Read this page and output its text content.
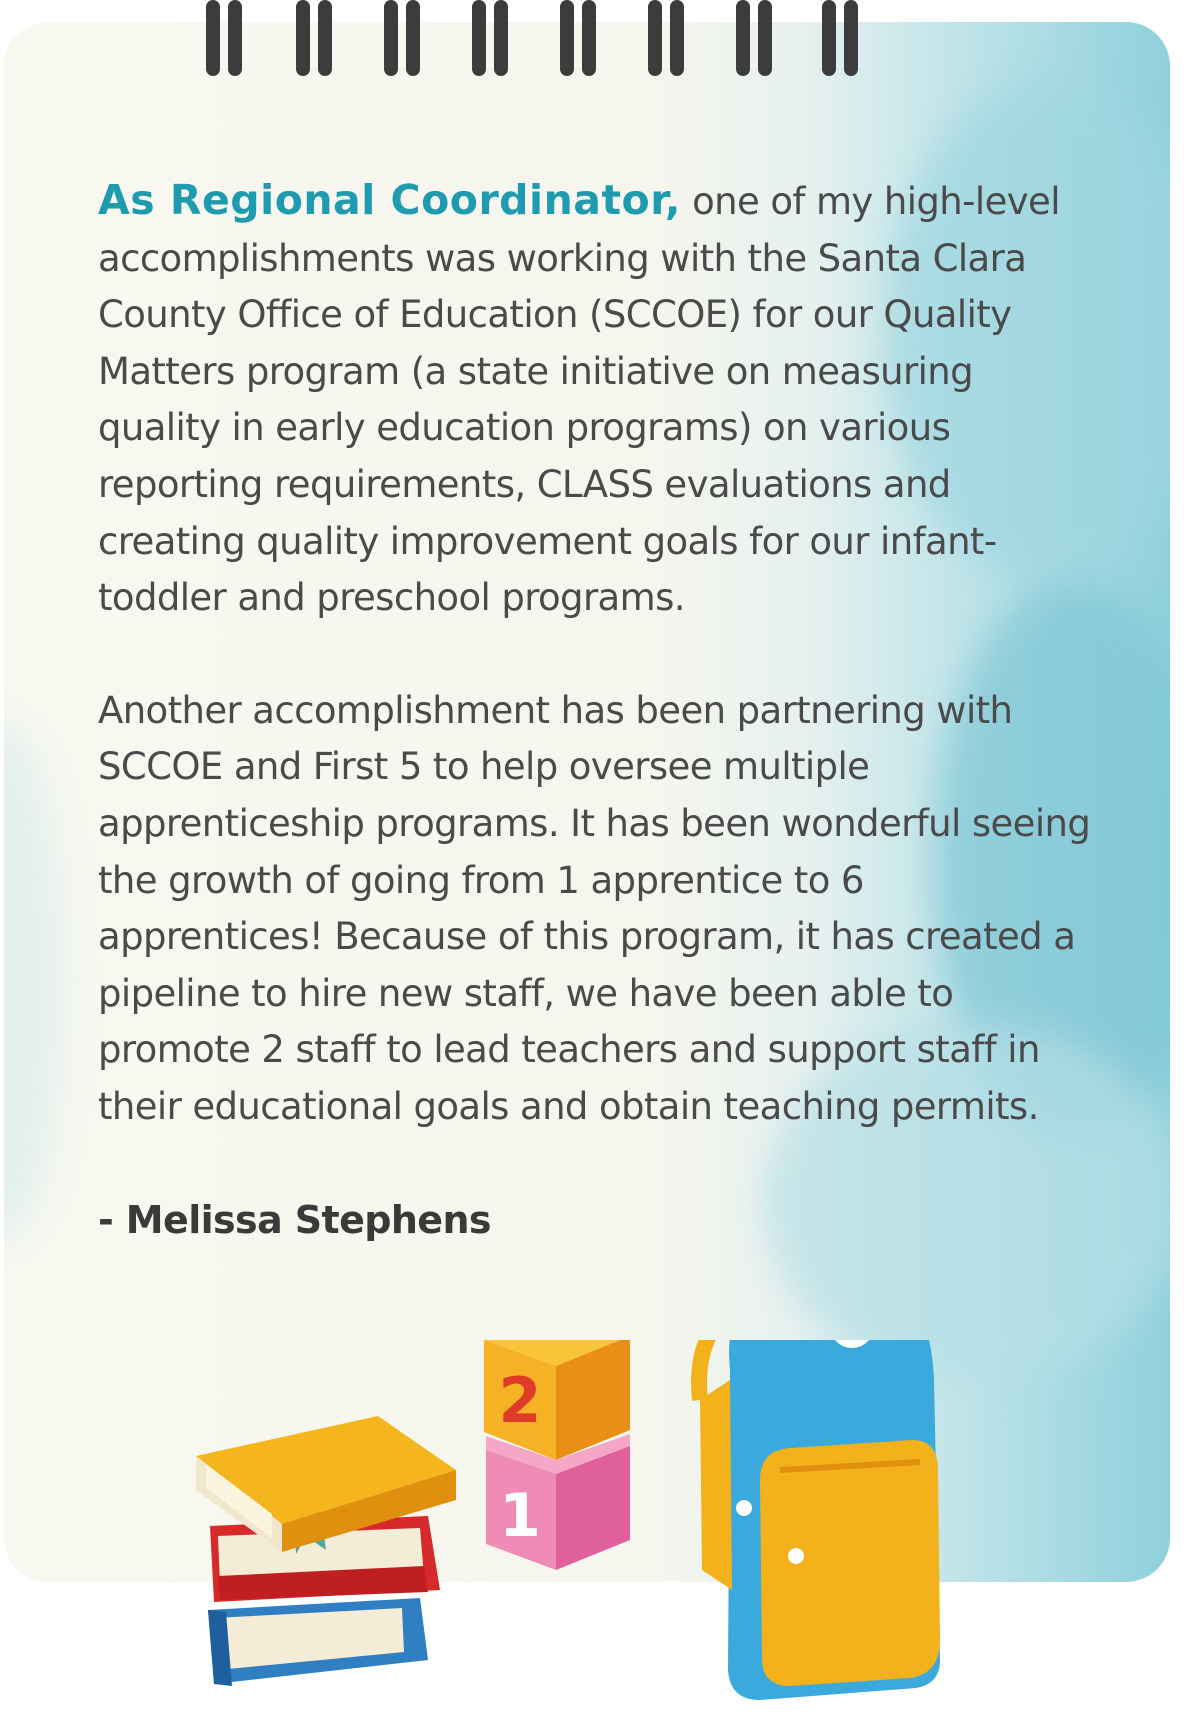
As Regional Coordinator, one of my high-level accomplishments was working with the Santa Clara County Office of Education (SCCOE) for our Quality Matters program (a state initiative on measuring quality in early education programs) on various reporting requirements, CLASS evaluations and creating quality improvement goals for our infant-toddler and preschool programs.

Another accomplishment has been partnering with SCCOE and First 5 to help oversee multiple apprenticeship programs. It has been wonderful seeing the growth of going from 1 apprentice to 6 apprentices! Because of this program, it has created a pipeline to hire new staff, we have been able to promote 2 staff to lead teachers and support staff in their educational goals and obtain teaching permits.

- Melissa Stephens
2
1
